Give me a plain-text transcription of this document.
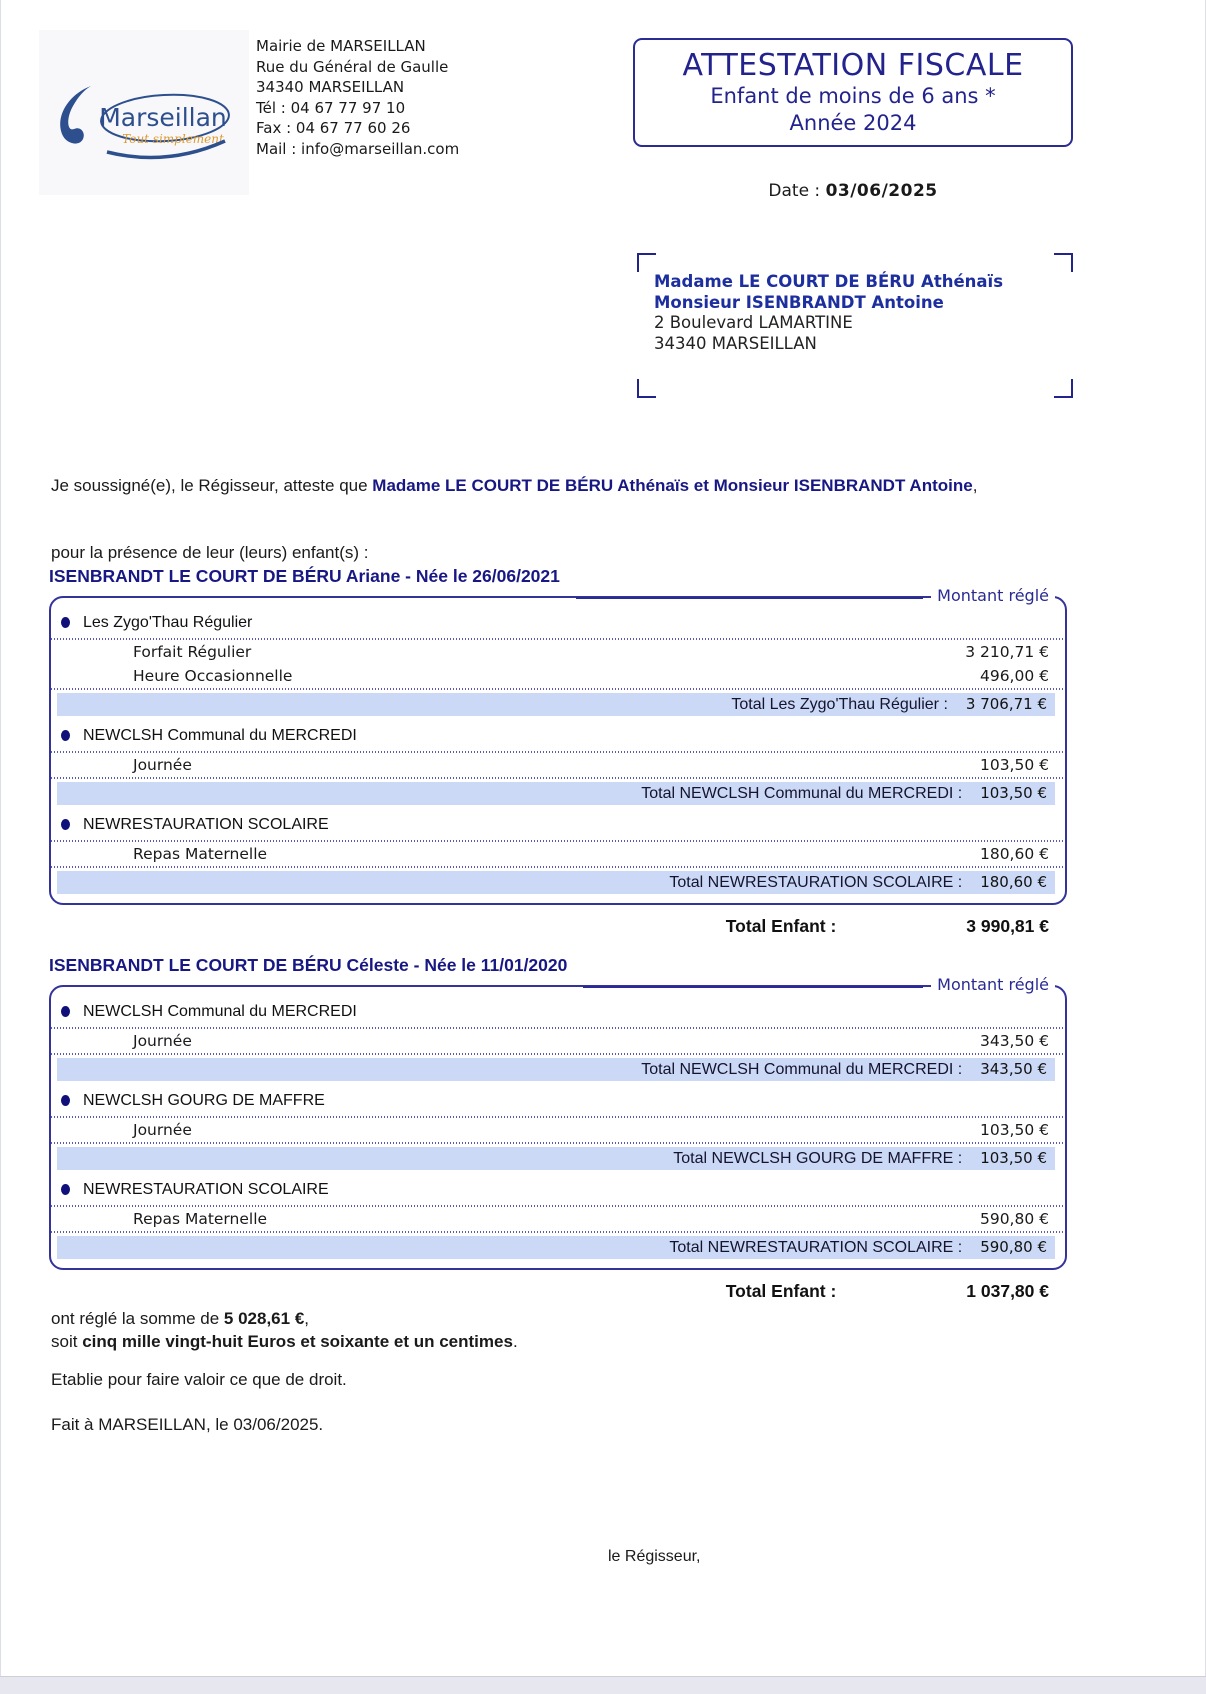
Marseillan
Tout simplement
Mairie de MARSEILLAN
Rue du Général de Gaulle
34340 MARSEILLAN
Tél : 04 67 77 97 10
Fax : 04 67 77 60 26
Mail : info@marseillan.com
ATTESTATION FISCALE
Enfant de moins de 6 ans *
Année 2024
Date : 03/06/2025
Madame LE COURT DE BÉRU Athénaïs
Monsieur ISENBRANDT Antoine
2 Boulevard LAMARTINE
34340 MARSEILLAN
Je soussigné(e), le Régisseur, atteste que Madame LE COURT DE BÉRU Athénaïs et Monsieur ISENBRANDT Antoine,
pour la présence de leur (leurs) enfant(s) :
ISENBRANDT LE COURT DE BÉRU Ariane - Née le 26/06/2021
Montant réglé
Les Zygo'Thau Régulier
Forfait Régulier	3 210,71 €
Heure Occasionnelle	496,00 €
Total Les Zygo'Thau Régulier : 3 706,71 €
NEWCLSH Communal du MERCREDI
Journée	103,50 €
Total NEWCLSH Communal du MERCREDI : 103,50 €
NEWRESTAURATION SCOLAIRE
Repas Maternelle	180,60 €
Total NEWRESTAURATION SCOLAIRE : 180,60 €
Total Enfant :	3 990,81 €
ISENBRANDT LE COURT DE BÉRU Céleste - Née le 11/01/2020
Montant réglé
NEWCLSH Communal du MERCREDI
Journée	343,50 €
Total NEWCLSH Communal du MERCREDI : 343,50 €
NEWCLSH GOURG DE MAFFRE
Journée	103,50 €
Total NEWCLSH GOURG DE MAFFRE : 103,50 €
NEWRESTAURATION SCOLAIRE
Repas Maternelle	590,80 €
Total NEWRESTAURATION SCOLAIRE : 590,80 €
Total Enfant :	1 037,80 €
ont réglé la somme de 5 028,61 €,
soit cinq mille vingt-huit Euros et soixante et un centimes.
Etablie pour faire valoir ce que de droit.
Fait à MARSEILLAN, le 03/06/2025.
le Régisseur,
